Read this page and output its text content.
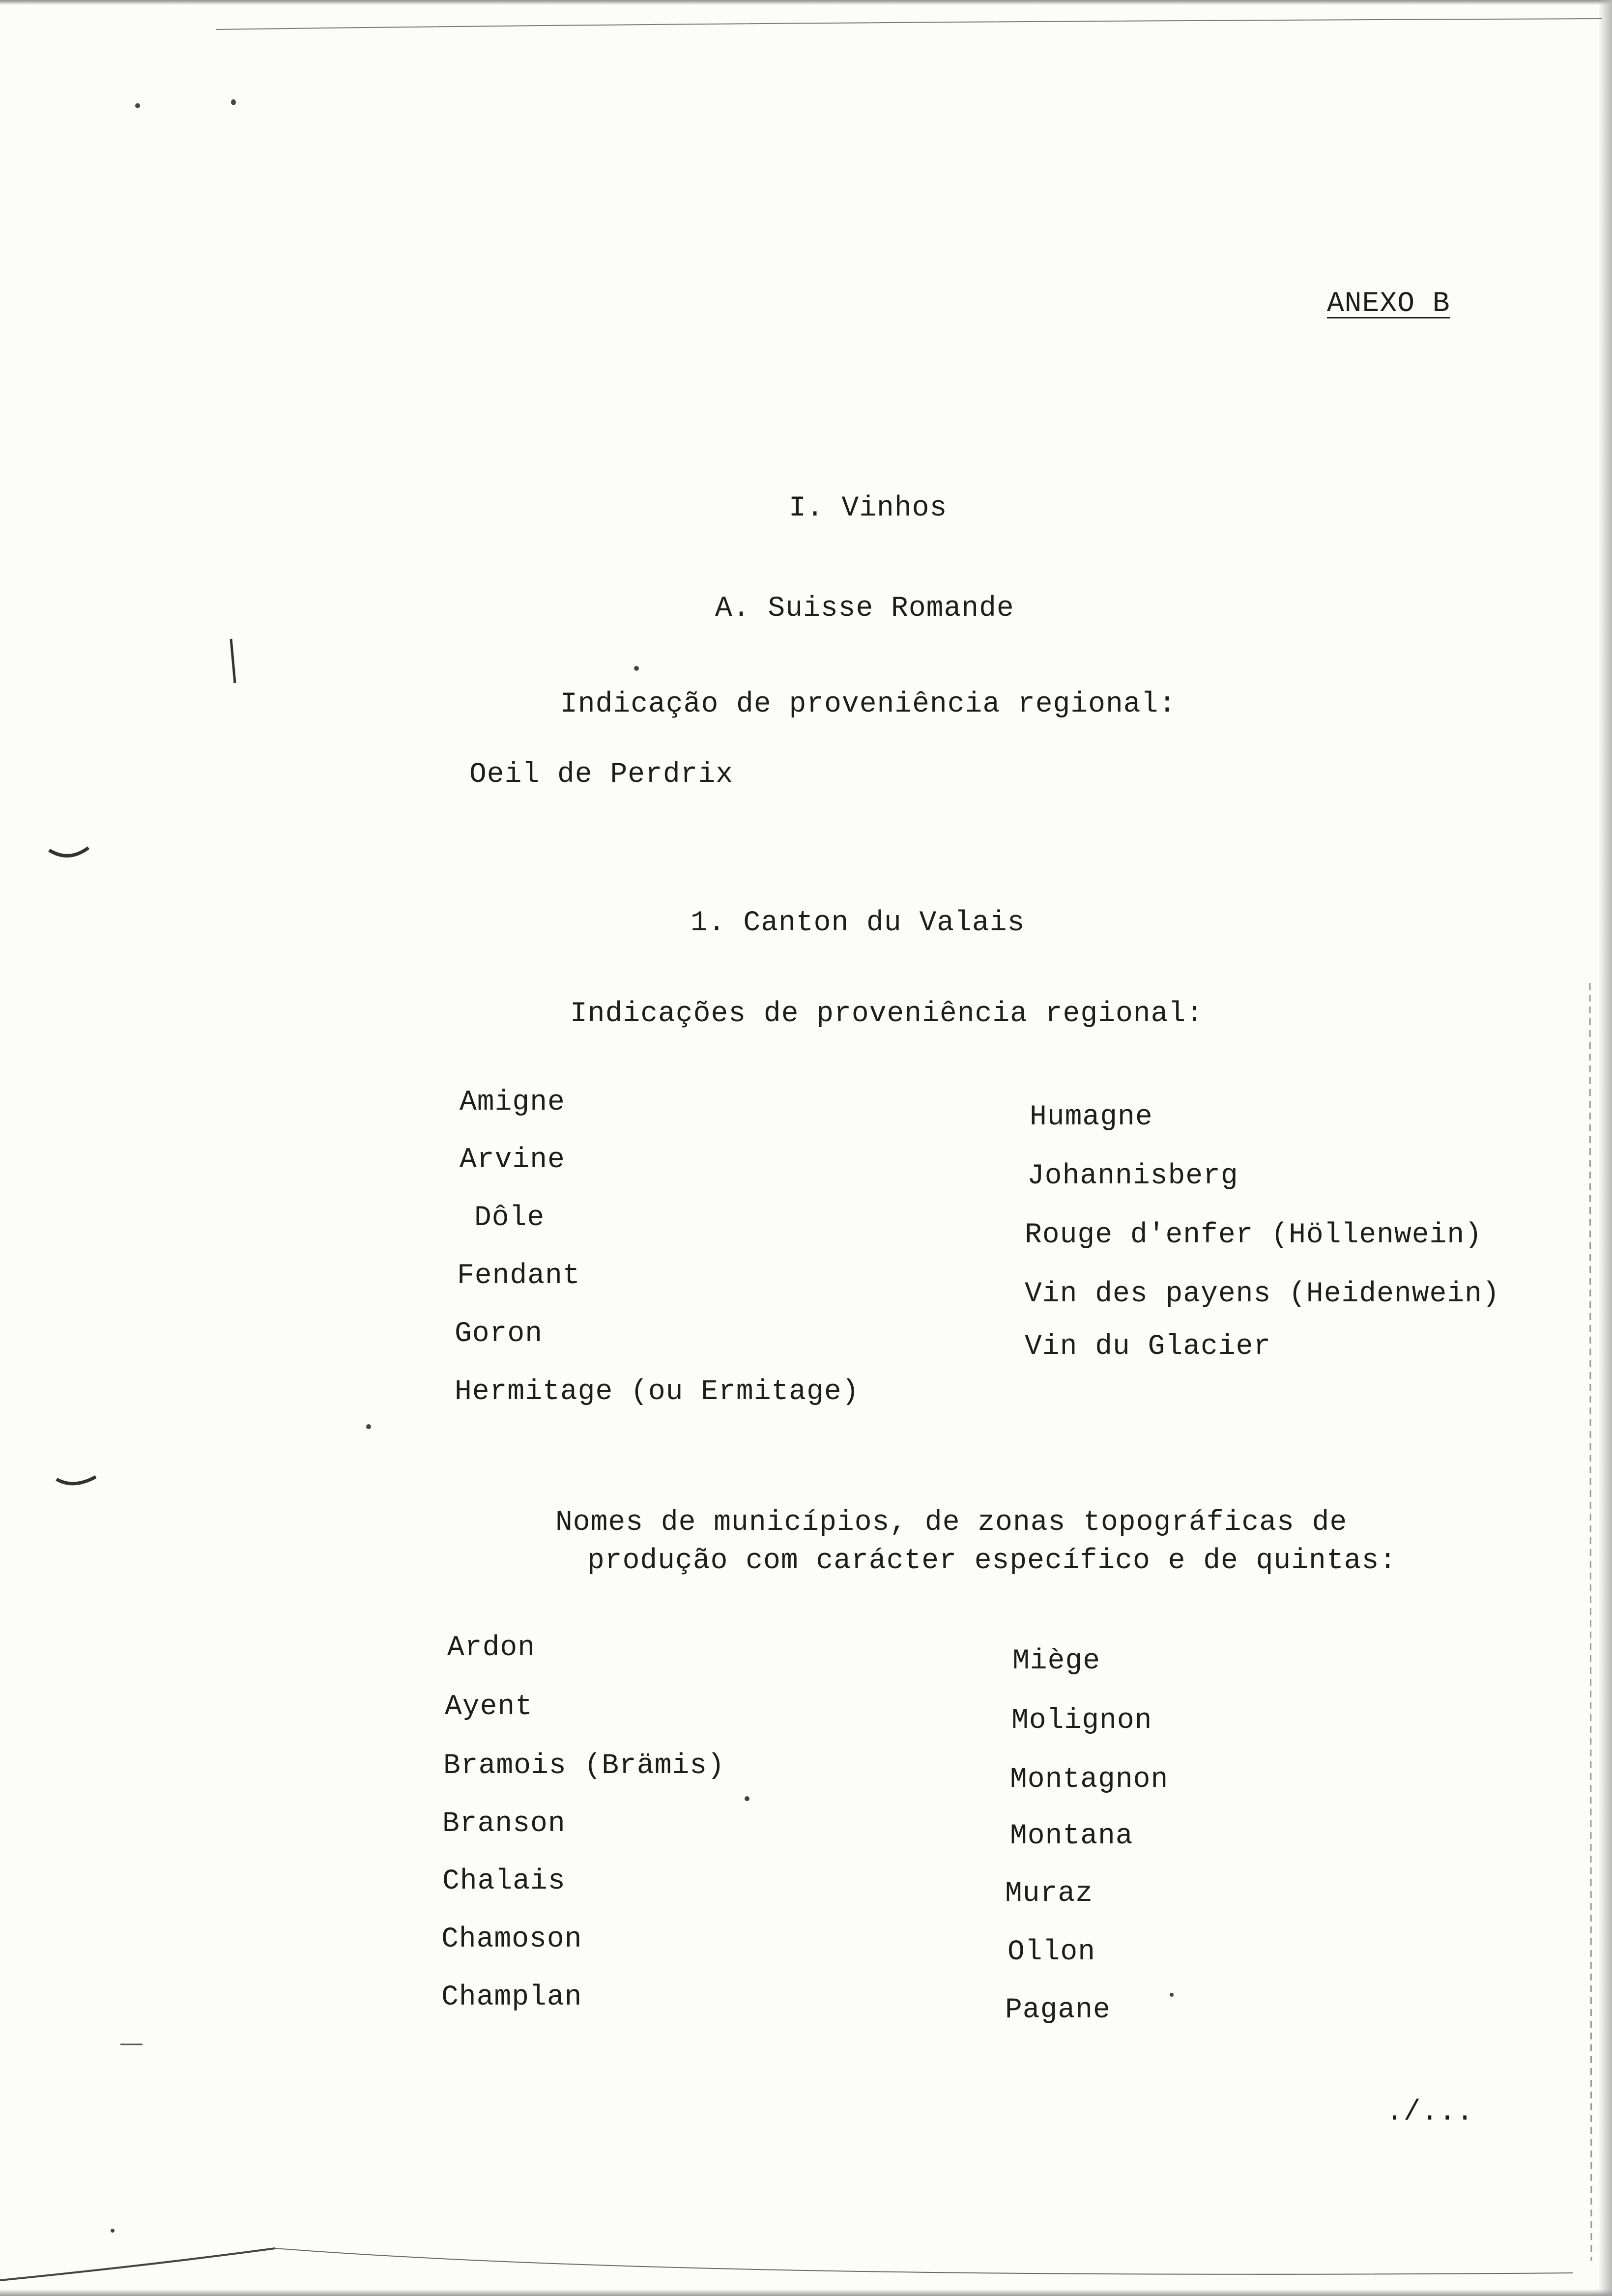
ANEXO B
I. Vinhos
A. Suisse Romande
Indicação de proveniência regional:
Oeil de Perdrix
1. Canton du Valais
Indicações de proveniência regional:
Amigne
Arvine
Dôle
Fendant
Goron
Hermitage (ou Ermitage)
Humagne
Johannisberg
Rouge d'enfer (Höllenwein)
Vin des payens (Heidenwein)
Vin du Glacier
Nomes de municípios, de zonas topográficas de
produção com carácter específico e de quintas:
Ardon
Ayent
Bramois (Brämis)
Branson
Chalais
Chamoson
Champlan
Miège
Molignon
Montagnon
Montana
Muraz
Ollon
Pagane
./...
